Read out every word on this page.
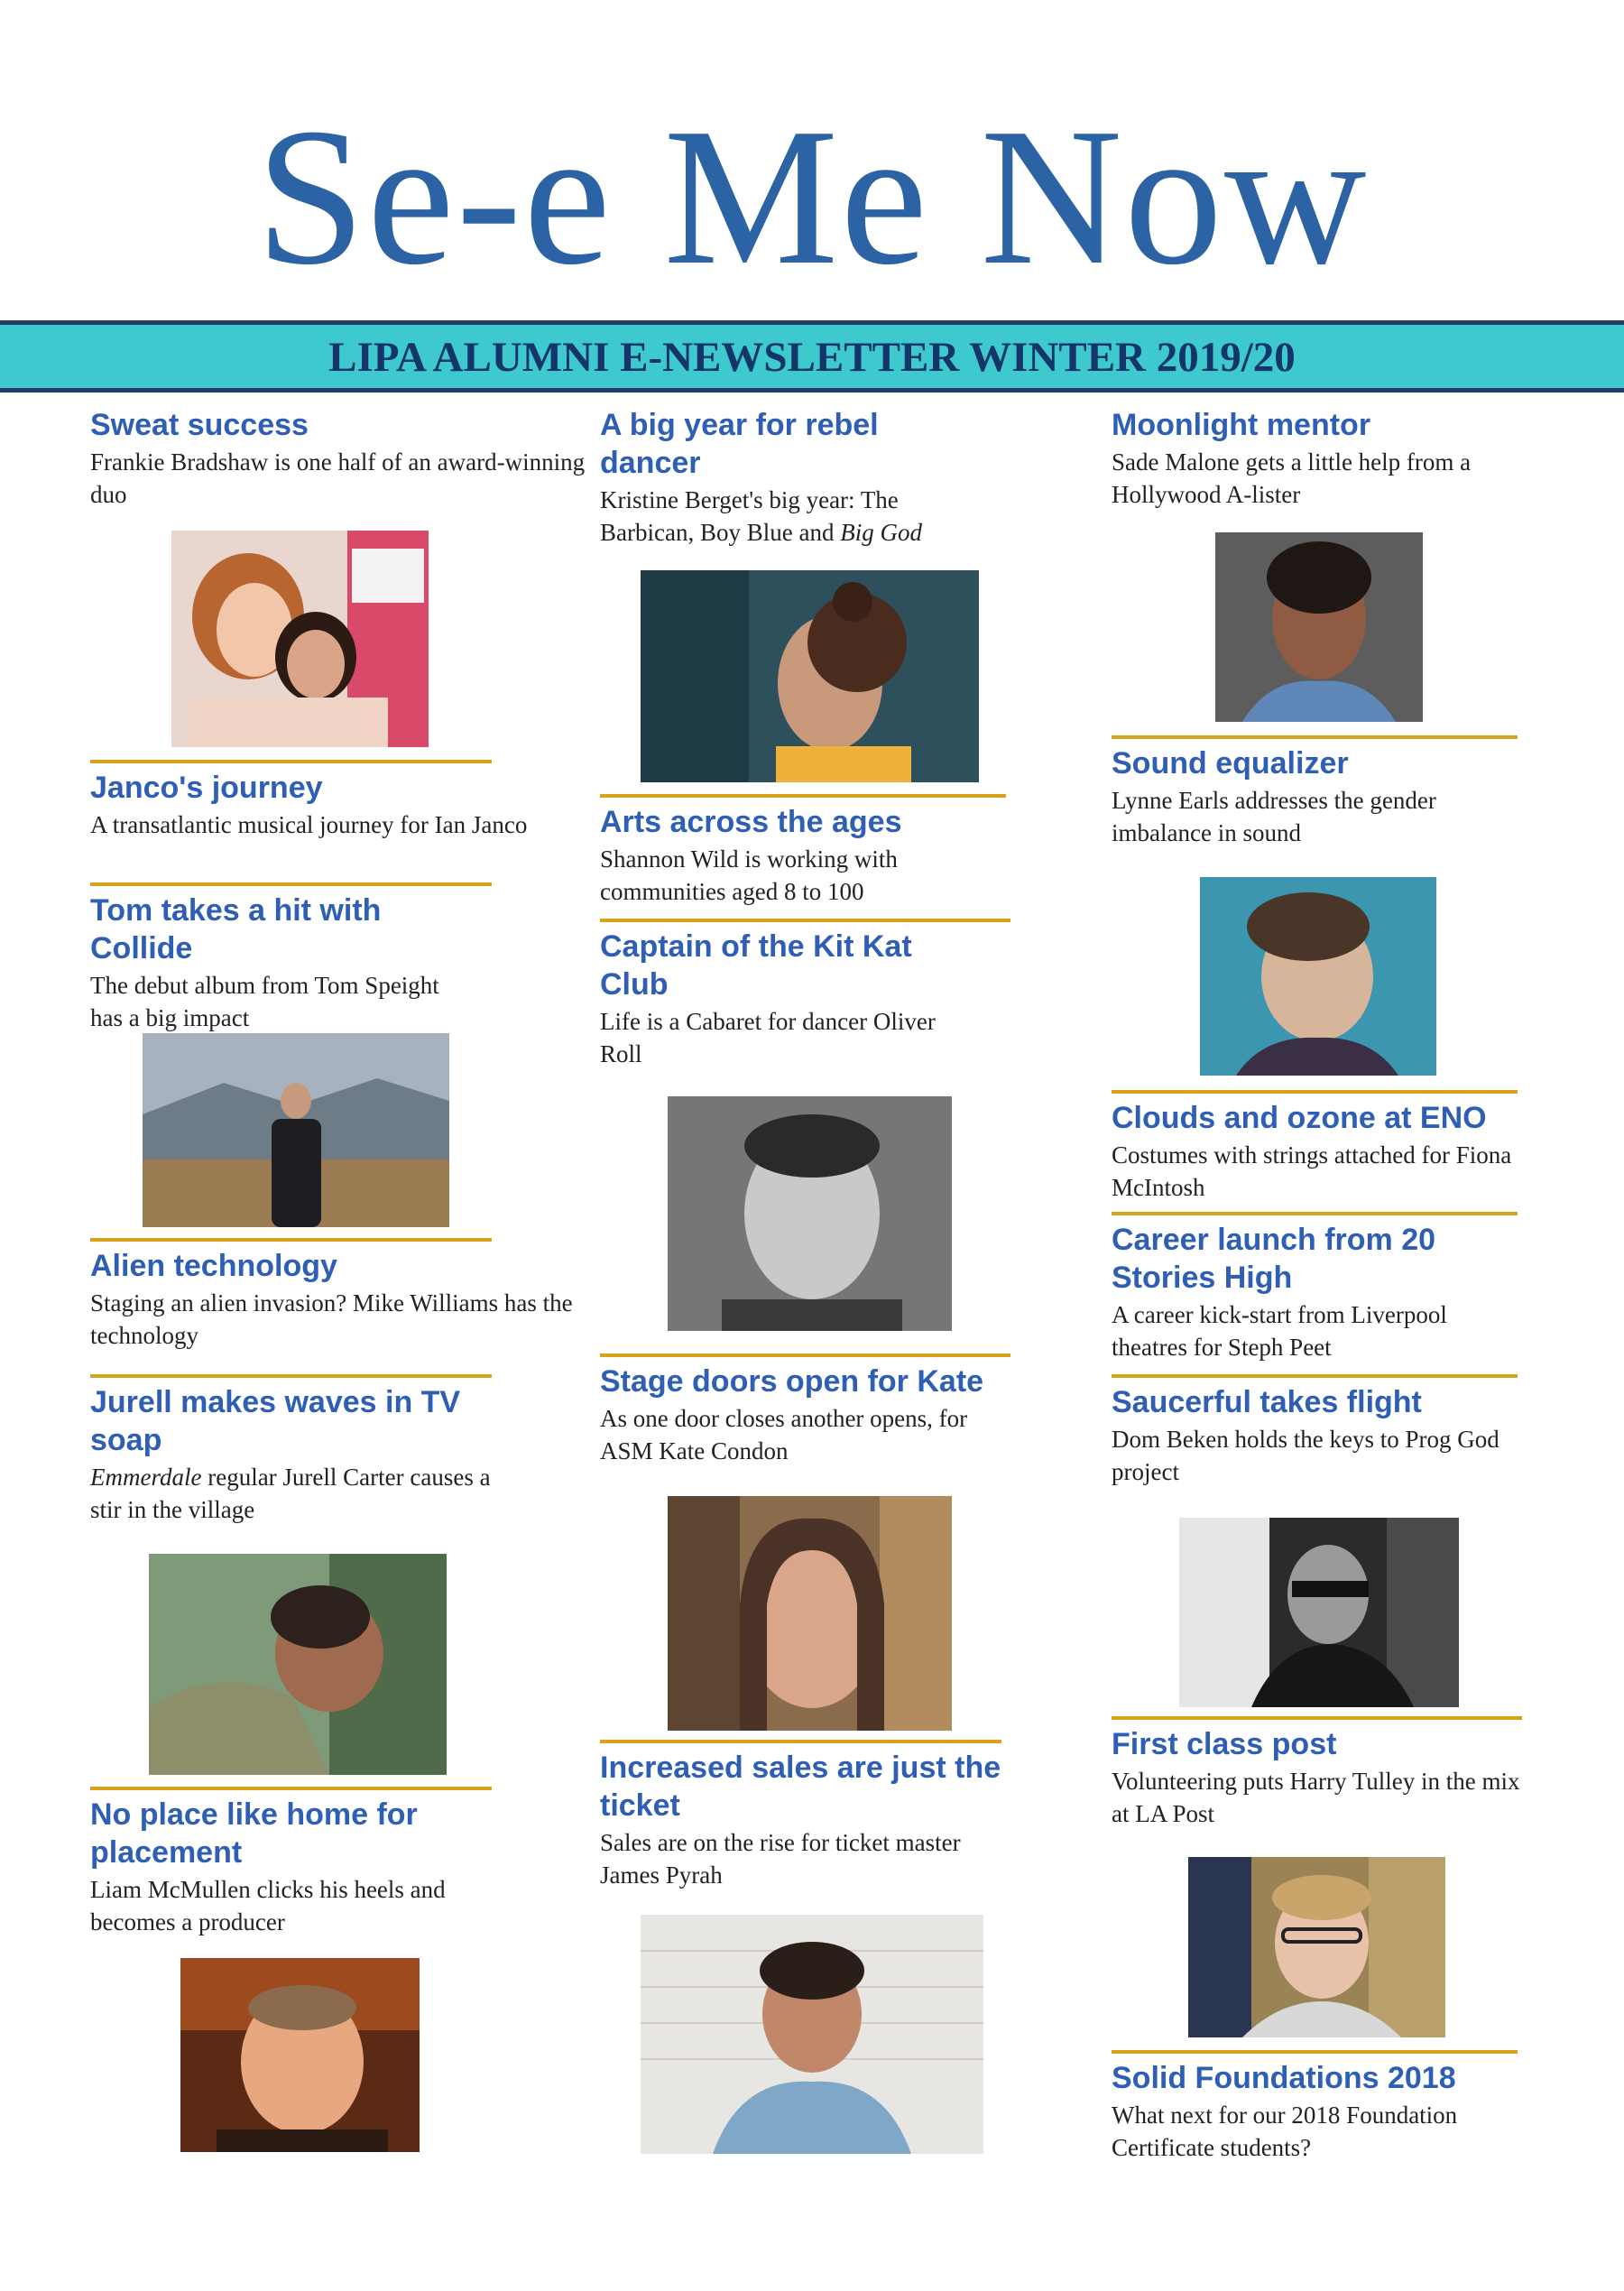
Se-e Me Now
LIPA ALUMNI E-NEWSLETTER WINTER 2019/20

Sweat success

Frankie Bradshaw is one half of an award-winning duo

Janco's journey

A transatlantic musical journey for Ian Janco

Tom takes a hit with Collide

The debut album from Tom Speight has a big impact

Alien technology

Staging an alien invasion? Mike Williams has the technology

Jurell makes waves in TV soap

Emmerdale regular Jurell Carter causes a stir in the village

No place like home for placement

Liam McMullen clicks his heels and becomes a producer

A big year for rebel dancer

Kristine Berget's big year: The Barbican, Boy Blue and Big God

Arts across the ages

Shannon Wild is working with communities aged 8 to 100

Captain of the Kit Kat Club

Life is a Cabaret for dancer Oliver Roll

Stage doors open for Kate

As one door closes another opens, for ASM Kate Condon

Increased sales are just the ticket

Sales are on the rise for ticket master James Pyrah

Moonlight mentor

Sade Malone gets a little help from a Hollywood A-lister

Sound equalizer

Lynne Earls addresses the gender imbalance in sound

Clouds and ozone at ENO

Costumes with strings attached for Fiona McIntosh

Career launch from 20 Stories High

A career kick-start from Liverpool theatres for Steph Peet

Saucerful takes flight

Dom Beken holds the keys to Prog God project

First class post

Volunteering puts Harry Tulley in the mix at LA Post

Solid Foundations 2018

What next for our 2018 Foundation Certificate students?
